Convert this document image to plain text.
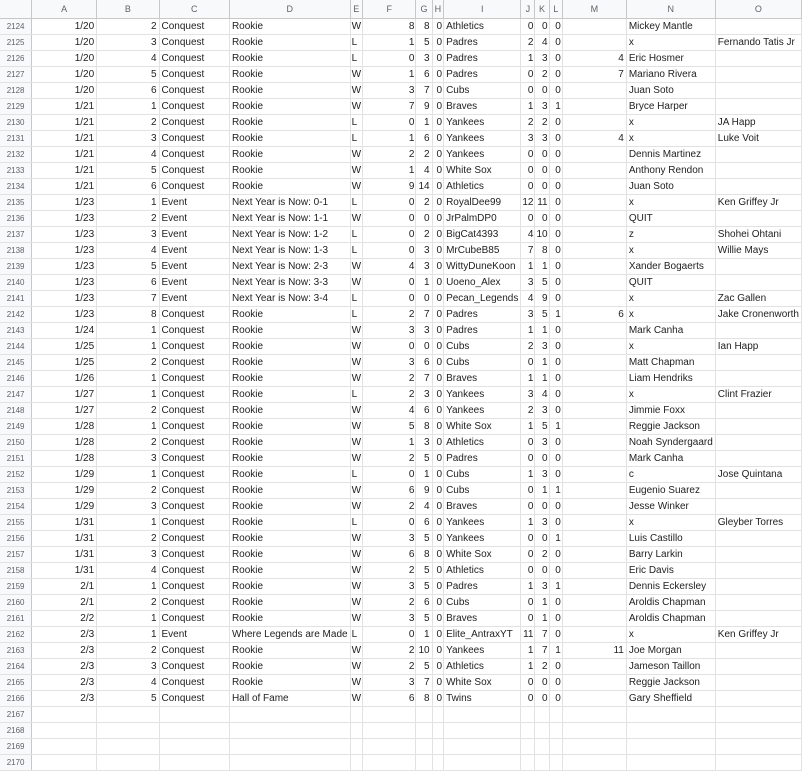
	A	B	C	D	E	F	G	H	I	J	K	L	M	N	O
2124	1/20	2	Conquest	Rookie	W	8	8	0	Athletics	0	0	0		Mickey Mantle	
2125	1/20	3	Conquest	Rookie	L	1	5	0	Padres	2	4	0		x	Fernando Tatis Jr
2126	1/20	4	Conquest	Rookie	L	0	3	0	Padres	1	3	0	4	Eric Hosmer	
2127	1/20	5	Conquest	Rookie	W	1	6	0	Padres	0	2	0	7	Mariano Rivera	
2128	1/20	6	Conquest	Rookie	W	3	7	0	Cubs	0	0	0		Juan Soto	
2129	1/21	1	Conquest	Rookie	W	7	9	0	Braves	1	3	1		Bryce Harper	
2130	1/21	2	Conquest	Rookie	L	0	1	0	Yankees	2	2	0		x	JA Happ
2131	1/21	3	Conquest	Rookie	L	1	6	0	Yankees	3	3	0	4	x	Luke Voit
2132	1/21	4	Conquest	Rookie	W	2	2	0	Yankees	0	0	0		Dennis Martinez	
2133	1/21	5	Conquest	Rookie	W	1	4	0	White Sox	0	0	0		Anthony Rendon	
2134	1/21	6	Conquest	Rookie	W	9	14	0	Athletics	0	0	0		Juan Soto	
2135	1/23	1	Event	Next Year is Now: 0-1	L	0	2	0	RoyalDee99	12	11	0		x	Ken Griffey Jr
2136	1/23	2	Event	Next Year is Now: 1-1	W	0	0	0	JrPalmDP0	0	0	0		QUIT	
2137	1/23	3	Event	Next Year is Now: 1-2	L	0	2	0	BigCat4393	4	10	0		z	Shohei Ohtani
2138	1/23	4	Event	Next Year is Now: 1-3	L	0	3	0	MrCubeB85	7	8	0		x	Willie Mays
2139	1/23	5	Event	Next Year is Now: 2-3	W	4	3	0	WittyDuneKoon	1	1	0		Xander Bogaerts	
2140	1/23	6	Event	Next Year is Now: 3-3	W	0	1	0	Uoeno_Alex	3	5	0		QUIT	
2141	1/23	7	Event	Next Year is Now: 3-4	L	0	0	0	Pecan_Legends	4	9	0		x	Zac Gallen
2142	1/23	8	Conquest	Rookie	L	2	7	0	Padres	3	5	1	6	x	Jake Cronenworth
2143	1/24	1	Conquest	Rookie	W	3	3	0	Padres	1	1	0		Mark Canha	
2144	1/25	1	Conquest	Rookie	W	0	0	0	Cubs	2	3	0		x	Ian Happ
2145	1/25	2	Conquest	Rookie	W	3	6	0	Cubs	0	1	0		Matt Chapman	
2146	1/26	1	Conquest	Rookie	W	2	7	0	Braves	1	1	0		Liam Hendriks	
2147	1/27	1	Conquest	Rookie	L	2	3	0	Yankees	3	4	0		x	Clint Frazier
2148	1/27	2	Conquest	Rookie	W	4	6	0	Yankees	2	3	0		Jimmie Foxx	
2149	1/28	1	Conquest	Rookie	W	5	8	0	White Sox	1	5	1		Reggie Jackson	
2150	1/28	2	Conquest	Rookie	W	1	3	0	Athletics	0	3	0		Noah Syndergaard	
2151	1/28	3	Conquest	Rookie	W	2	5	0	Padres	0	0	0		Mark Canha	
2152	1/29	1	Conquest	Rookie	L	0	1	0	Cubs	1	3	0		c	Jose Quintana
2153	1/29	2	Conquest	Rookie	W	6	9	0	Cubs	0	1	1		Eugenio Suarez	
2154	1/29	3	Conquest	Rookie	W	2	4	0	Braves	0	0	0		Jesse Winker	
2155	1/31	1	Conquest	Rookie	L	0	6	0	Yankees	1	3	0		x	Gleyber Torres
2156	1/31	2	Conquest	Rookie	W	3	5	0	Yankees	0	0	1		Luis Castillo	
2157	1/31	3	Conquest	Rookie	W	6	8	0	White Sox	0	2	0		Barry Larkin	
2158	1/31	4	Conquest	Rookie	W	2	5	0	Athletics	0	0	0		Eric Davis	
2159	2/1	1	Conquest	Rookie	W	3	5	0	Padres	1	3	1		Dennis Eckersley	
2160	2/1	2	Conquest	Rookie	W	2	6	0	Cubs	0	1	0		Aroldis Chapman	
2161	2/2	1	Conquest	Rookie	W	3	5	0	Braves	0	1	0		Aroldis Chapman	
2162	2/3	1	Event	Where Legends are Made	L	0	1	0	Elite_AntraxYT	11	7	0		x	Ken Griffey Jr
2163	2/3	2	Conquest	Rookie	W	2	10	0	Yankees	1	7	1	11	Joe Morgan	
2164	2/3	3	Conquest	Rookie	W	2	5	0	Athletics	1	2	0		Jameson Taillon	
2165	2/3	4	Conquest	Rookie	W	3	7	0	White Sox	0	0	0		Reggie Jackson	
2166	2/3	5	Conquest	Hall of Fame	W	6	8	0	Twins	0	0	0		Gary Sheffield	
2167															
2168															
2169															
2170															
